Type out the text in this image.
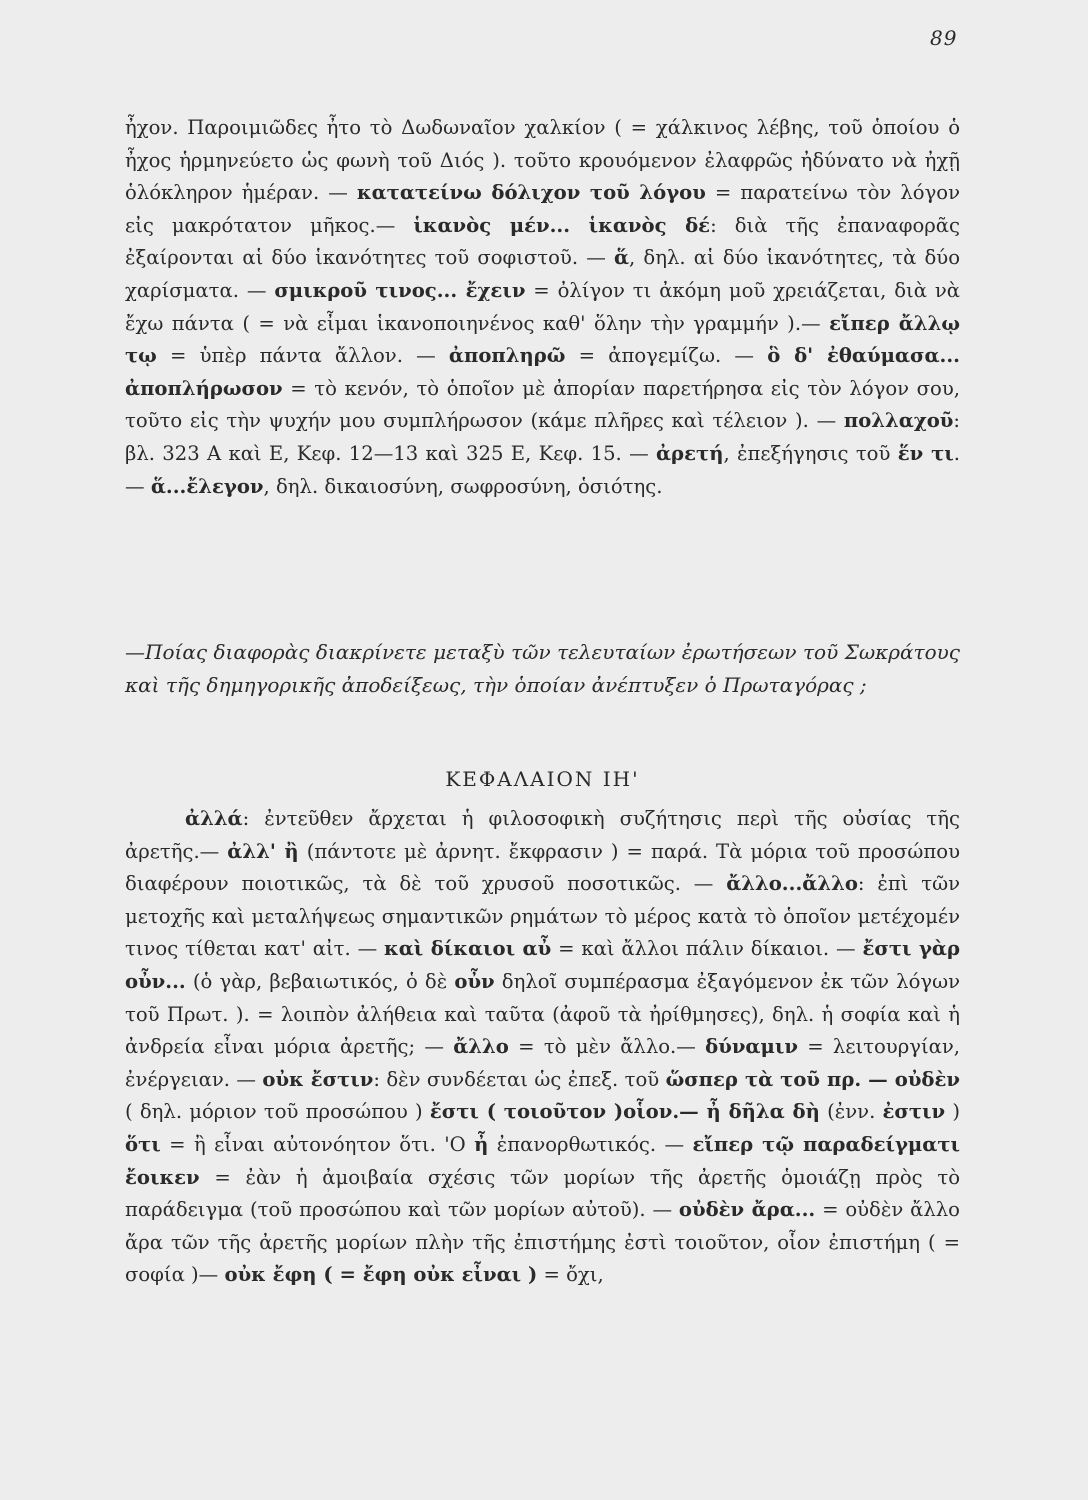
89

ἦχον. Παροιμιῶδες ἦτο τὸ Δωδωναῖον χαλκίον ( = χάλκινος λέβης, τοῦ ὁποίου ὁ ἦχος ἡρμηνεύετο ὡς φωνὴ τοῦ Διός ). τοῦτο κρουόμενον ἐλαφρῶς ἠδύνατο νὰ ἠχῇ ὁλόκληρον ἡμέραν. — κατατείνω δόλιχον τοῦ λόγου = παρατείνω τὸν λόγον εἰς μακρότατον μῆκος.— ἱκανὸς μέν... ἱκανὸς δέ: διὰ τῆς ἐπαναφορᾶς ἐξαίρονται αἱ δύο ἱκανότητες τοῦ σοφιστοῦ. — ἅ, δηλ. αἱ δύο ἱκανότητες, τὰ δύο χαρίσματα. — σμικροῦ τινος... ἔχειν = ὀλίγον τι ἀκόμη μοῦ χρειάζεται, διὰ νὰ ἔχω πάντα ( = νὰ εἶμαι ἱκανοποιηνένος καθ' ὅλην τὴν γραμμήν ).— εἴπερ ἄλλῳ τῳ = ὑπὲρ πάντα ἄλλον. — ἀποπληρῶ = ἀπογεμίζω. — ὃ δ' ἐθαύμασα... ἀποπλήρωσον = τὸ κενόν, τὸ ὁποῖον μὲ ἀπορίαν παρετήρησα εἰς τὸν λόγον σου, τοῦτο εἰς τὴν ψυχήν μου συμπλήρωσον (κάμε πλῆρες καὶ τέλειον ). — πολλαχοῦ: βλ. 323 Α καὶ Ε, Κεφ. 12—13 καὶ 325 Ε, Κεφ. 15. — ἀρετή, ἐπεξήγησις τοῦ ἕν τι.— ἅ...ἔλεγον, δηλ. δικαιοσύνη, σωφροσύνη, ὁσιότης.

—Ποίας διαφορὰς διακρίνετε μεταξὺ τῶν τελευταίων ἐρωτήσεων τοῦ Σωκράτους καὶ τῆς δημηγορικῆς ἀποδείξεως, τὴν ὁποίαν ἀνέπτυξεν ὁ Πρωταγόρας ;

ΚΕΦΑΛΑΙΟΝ ΙΗ'

ἀλλά: ἐντεῦθεν ἄρχεται ἡ φιλοσοφικὴ συζήτησις περὶ τῆς οὐσίας τῆς ἀρετῆς.— ἀλλ' ἢ (πάντοτε μὲ ἀρνητ. ἔκφρασιν ) = παρά. Τὰ μόρια τοῦ προσώπου διαφέρουν ποιοτικῶς, τὰ δὲ τοῦ χρυσοῦ ποσοτικῶς. — ἄλλο...ἄλλο: ἐπὶ τῶν μετοχῆς καὶ μεταλήψεως σημαντικῶν ρημάτων τὸ μέρος κατὰ τὸ ὁποῖον μετέχομέν τινος τίθεται κατ' αἰτ. — καὶ δίκαιοι αὖ = καὶ ἄλλοι πάλιν δίκαιοι. — ἔστι γὰρ οὖν... (ὁ γὰρ, βεβαιωτικός, ὁ δὲ οὖν δηλοῖ συμπέρασμα ἐξαγόμενον ἐκ τῶν λόγων τοῦ Πρωτ. ). = λοιπὸν ἀλήθεια καὶ ταῦτα (ἀφοῦ τὰ ἠρίθμησες), δηλ. ἡ σοφία καὶ ἡ ἀνδρεία εἶναι μόρια ἀρετῆς; — ἄλλο = τὸ μὲν ἄλλο.— δύναμιν = λειτουργίαν, ἐνέργειαν. — οὐκ ἔστιν: δὲν συνδέεται ὡς ἐπεξ. τοῦ ὥσπερ τὰ τοῦ πρ. — οὐδὲν ( δηλ. μόριον τοῦ προσώπου ) ἔστι ( τοιοῦτον )οἷον.— ἦ δῆλα δὴ (ἐνν. ἐστιν ) ὅτι = ἢ εἶναι αὐτονόητον ὅτι. 'Ο ἦ ἐπανορθωτικός. — εἴπερ τῷ παραδείγματι ἔοικεν = ἐὰν ἡ ἀμοιβαία σχέσις τῶν μορίων τῆς ἀρετῆς ὁμοιάζῃ πρὸς τὸ παράδειγμα (τοῦ προσώπου καὶ τῶν μορίων αὐτοῦ). — οὐδὲν ἄρα... = οὐδὲν ἄλλο ἄρα τῶν τῆς ἀρετῆς μορίων πλὴν τῆς ἐπιστήμης ἐστὶ τοιοῦτον, οἷον ἐπιστήμη ( = σοφία )— οὐκ ἔφη ( = ἔφη οὐκ εἶναι ) = ὄχι,
